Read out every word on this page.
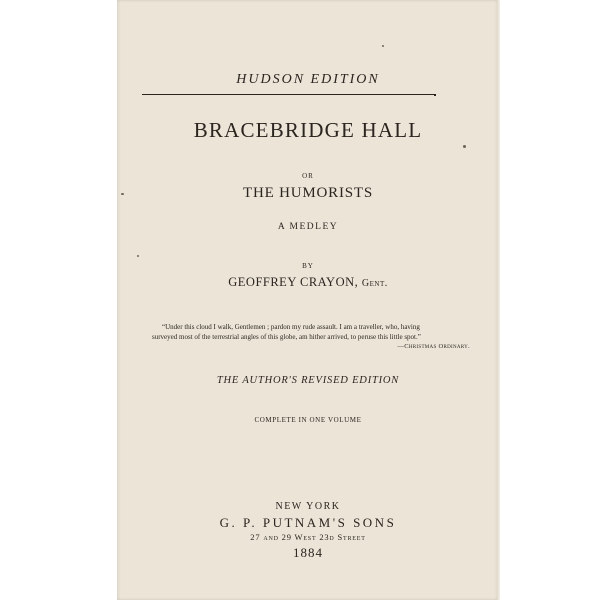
HUDSON EDITION
BRACEBRIDGE HALL
OR
THE HUMORISTS
A MEDLEY
BY
GEOFFREY CRAYON, Gent.
“Under this cloud I walk, Gentlemen ; pardon my rude assault. I am a traveller, who, having
surveyed most of the terrestrial angles of this globe, am hither arrived, to peruse this little spot.”
—Christmas Ordinary.
THE AUTHOR'S REVISED EDITION
COMPLETE IN ONE VOLUME
NEW YORK
G. P. PUTNAM'S SONS
27 and 29 West 23d Street
1884
